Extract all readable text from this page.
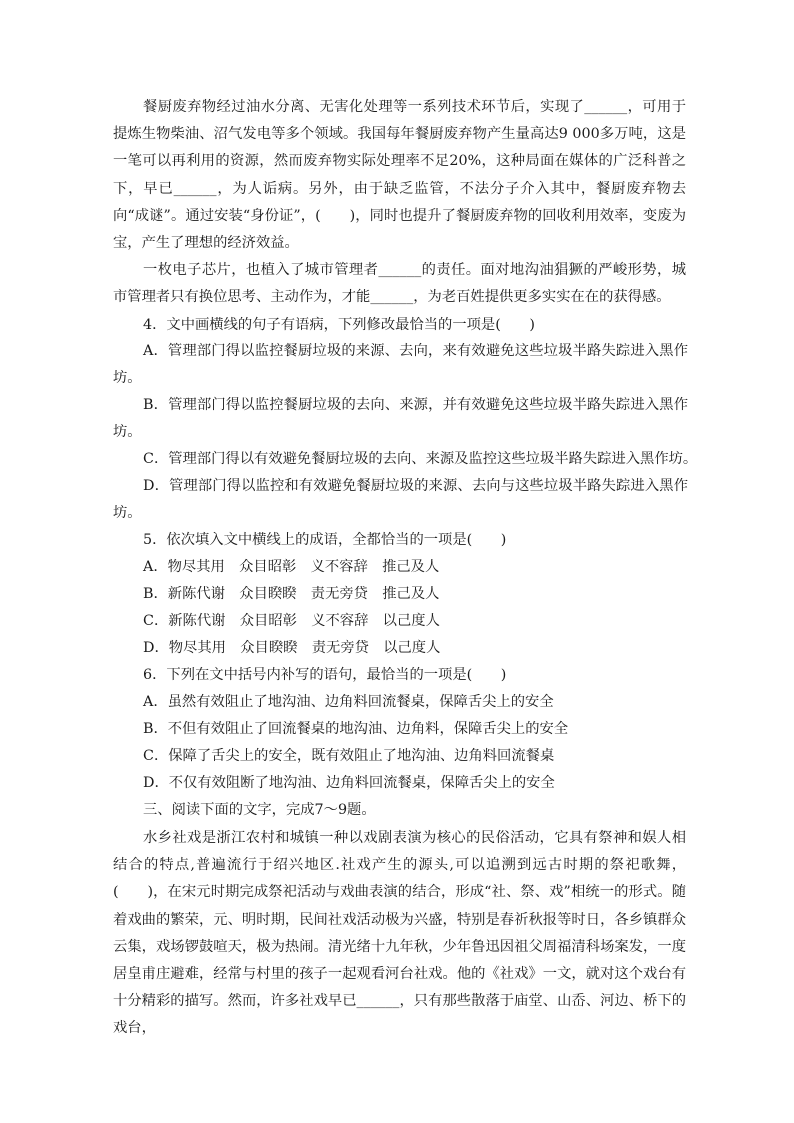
餐厨废弃物经过油水分离、无害化处理等一系列技术环节后，实现了______，可用于提炼生物柴油、沼气发电等多个领域。我国每年餐厨废弃物产生量高达9 000多万吨，这是一笔可以再利用的资源，然而废弃物实际处理率不足20%，这种局面在媒体的广泛科普之下，早已______，为人诟病。另外，由于缺乏监管，不法分子介入其中，餐厨废弃物去向“成谜”。通过安装“身份证”，(　　)，同时也提升了餐厨废弃物的回收利用效率，变废为宝，产生了理想的经济效益。

一枚电子芯片，也植入了城市管理者______的责任。面对地沟油猖獗的严峻形势，城市管理者只有换位思考、主动作为，才能______，为老百姓提供更多实实在在的获得感。

4．文中画横线的句子有语病，下列修改最恰当的一项是(　　)

A．管理部门得以监控餐厨垃圾的来源、去向，来有效避免这些垃圾半路失踪进入黑作坊。

B．管理部门得以监控餐厨垃圾的去向、来源，并有效避免这些垃圾半路失踪进入黑作坊。

C．管理部门得以有效避免餐厨垃圾的去向、来源及监控这些垃圾半路失踪进入黑作坊。

D．管理部门得以监控和有效避免餐厨垃圾的来源、去向与这些垃圾半路失踪进入黑作坊。

5．依次填入文中横线上的成语，全都恰当的一项是(　　)

A．物尽其用　众目昭彰　义不容辞　推己及人

B．新陈代谢　众目睽睽　责无旁贷　推己及人

C．新陈代谢　众目昭彰　义不容辞　以己度人

D．物尽其用　众目睽睽　责无旁贷　以己度人

6．下列在文中括号内补写的语句，最恰当的一项是(　　)

A．虽然有效阻止了地沟油、边角料回流餐桌，保障舌尖上的安全

B．不但有效阻止了回流餐桌的地沟油、边角料，保障舌尖上的安全

C．保障了舌尖上的安全，既有效阻止了地沟油、边角料回流餐桌

D．不仅有效阻断了地沟油、边角料回流餐桌，保障舌尖上的安全

三、阅读下面的文字，完成7～9题。

水乡社戏是浙江农村和城镇一种以戏剧表演为核心的民俗活动，它具有祭神和娱人相结合的特点,普遍流行于绍兴地区.社戏产生的源头,可以追溯到远古时期的祭祀歌舞，(　　)，在宋元时期完成祭祀活动与戏曲表演的结合，形成“社、祭、戏”相统一的形式。随着戏曲的繁荣，元、明时期，民间社戏活动极为兴盛，特别是春祈秋报等时日，各乡镇群众云集，戏场锣鼓喧天，极为热闹。清光绪十九年秋，少年鲁迅因祖父周福清科场案发，一度居皇甫庄避难，经常与村里的孩子一起观看河台社戏。他的《社戏》一文，就对这个戏台有十分精彩的描写。然而，许多社戏早已______，只有那些散落于庙堂、山岙、河边、桥下的戏台，
